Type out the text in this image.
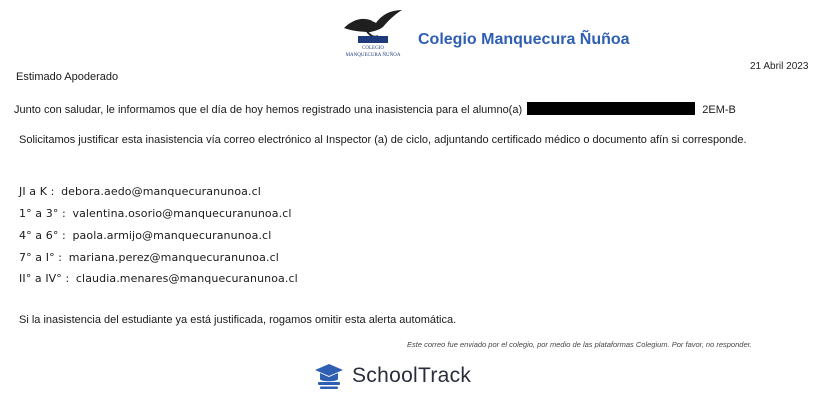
COLEGIO
MANQUECURA ÑUÑOA
Colegio Manquecura Ñuñoa
21 Abril 2023
Estimado Apoderado
Junto con saludar, le informamos que el día de hoy hemos registrado una inasistencia para el alumno(a)	2EM-B
Solicitamos justificar esta inasistencia vía correo electrónico al Inspector (a) de ciclo, adjuntando certificado médico o documento afín si corresponde.
JI a K : debora.aedo@manquecuranunoa.cl
1° a 3° : valentina.osorio@manquecuranunoa.cl
4° a 6° : paola.armijo@manquecuranunoa.cl
7° a I° : mariana.perez@manquecuranunoa.cl
II° a IV° : claudia.menares@manquecuranunoa.cl
Si la inasistencia del estudiante ya está justificada, rogamos omitir esta alerta automática.
Este correo fue enviado por el colegio, por medio de las plataformas Colegium. Por favor, no responder.
SchoolTrack
